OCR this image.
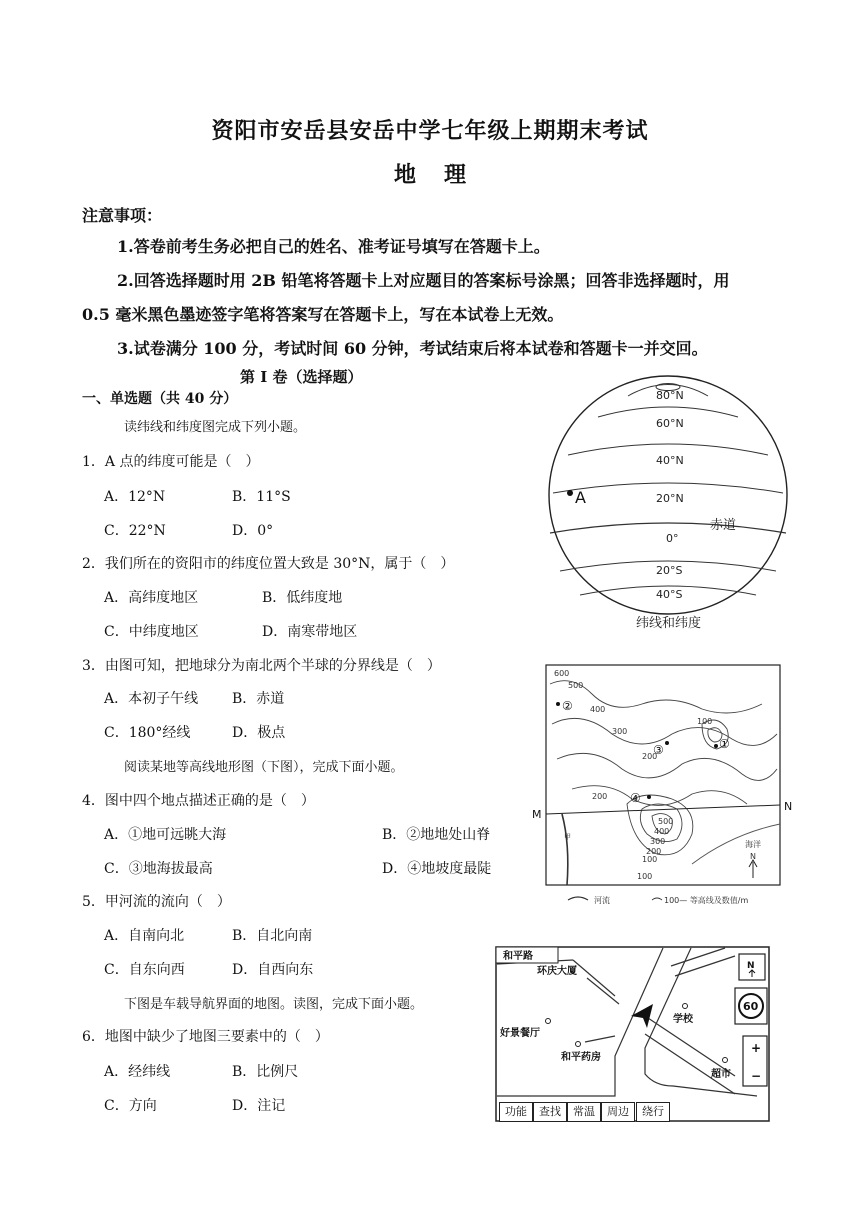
资阳市安岳县安岳中学七年级上期期末考试
地理
注意事项：
1.答卷前考生务必把自己的姓名、准考证号填写在答题卡上。
2.回答选择题时用 2B 铅笔将答题卡上对应题目的答案标号涂黑；回答非选择题时，用
0.5 毫米黑色墨迹签字笔将答案写在答题卡上，写在本试卷上无效。
3.试卷满分 100 分，考试时间 60 分钟，考试结束后将本试卷和答题卡一并交回。
第 I 卷（选择题）
一、单选题（共 40 分）
读纬线和纬度图完成下列小题。
1．A 点的纬度可能是（　）
A．12°N	B．11°S
C．22°N	D．0°
2．我们所在的资阳市的纬度位置大致是 30°N，属于（　）
A．高纬度地区	B．低纬度地
C．中纬度地区	D．南寒带地区
3．由图可知，把地球分为南北两个半球的分界线是（　）
A．本初子午线 B．赤道
C．180°经线	D．极点
阅读某地等高线地形图（下图），完成下面小题。
4．图中四个地点描述正确的是（　）
A．①地可远眺大海	B．②地地处山脊
C．③地海拔最高	D．④地坡度最陡
5．甲河流的流向（　）
A．自南向北	B．自北向南
C．自东向西	D．自西向东
下图是车载导航界面的地图。读图，完成下面小题。
6．地图中缺少了地图三要素中的（　）
A．经纬线	B．比例尺
C．方向	D．注记
A
80°N
60°N
40°N
20°N
0°
20°S
40°S
赤道
纬线和纬度
600
500
400
300
200
100
500
400
300
200
100
200
100
①
②
③
④
M
N
甲
海洋
N
河流	100— 等高线及数值/m
和平路
环庆大厦
好景餐厅
和平药房
学校
超市
N
60
+
−
功能	查找	常温	周边	绕行
